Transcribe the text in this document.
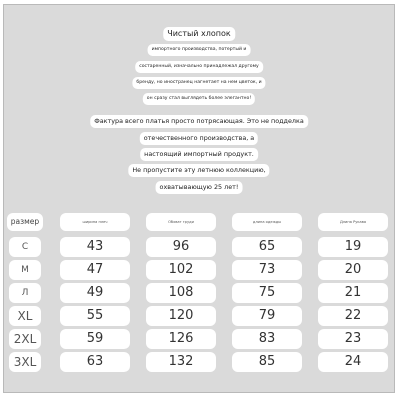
Чистый хлопок
импортного производства, потертый и
состаренный, изначально принадлежал другому
бренду, но иностранец нагнетает на нем цветок, и
он сразу стал выглядеть более элегантно!
Фактура всего платья просто потрясающая. Это не подделка
отечественного производства, а
настоящий импортный продукт.
Не пропустите эту летнюю коллекцию,
охватывающую 25 лет!
размер	ширина плеч	Обхват груди	длина одежды	Длина Рукава
С	43	96	65	19
М	47	102	73	20
Л	49	108	75	21
XL	55	120	79	22
2XL	59	126	83	23
3XL	63	132	85	24
